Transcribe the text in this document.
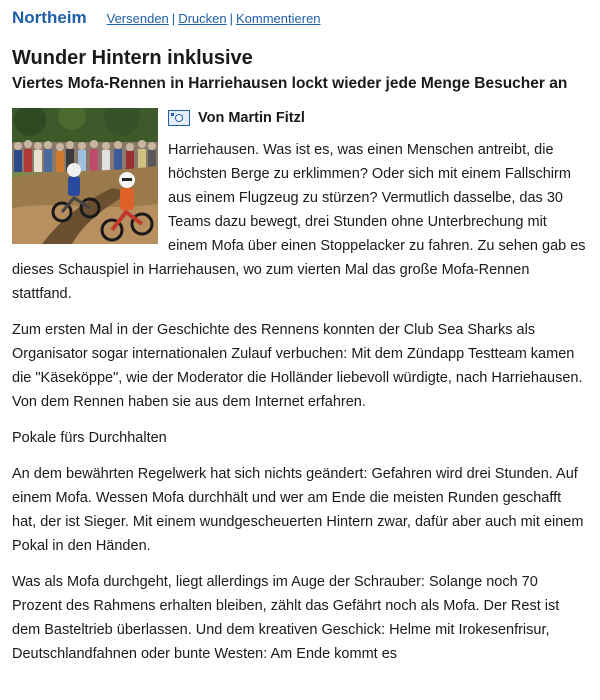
Northeim Versenden | Drucken | Kommentieren
Wunder Hintern inklusive
Viertes Mofa-Rennen in Harriehausen lockt wieder jede Menge Besucher an
Von Martin Fitzl

Harriehausen. Was ist es, was einen Menschen antreibt, die höchsten Berge zu erklimmen? Oder sich mit einem Fallschirm aus einem Flugzeug zu stürzen? Vermutlich dasselbe, das 30 Teams dazu bewegt, drei Stunden ohne Unterbrechung mit einem Mofa über einen Stoppelacker zu fahren. Zu sehen gab es dieses Schauspiel in Harriehausen, wo zum vierten Mal das große Mofa-Rennen stattfand.

Zum ersten Mal in der Geschichte des Rennens konnten der Club Sea Sharks als Organisator sogar internationalen Zulauf verbuchen: Mit dem Zündapp Testteam kamen die "Käseköppe", wie der Moderator die Holländer liebevoll würdigte, nach Harriehausen. Von dem Rennen haben sie aus dem Internet erfahren.

Pokale fürs Durchhalten

An dem bewährten Regelwerk hat sich nichts geändert: Gefahren wird drei Stunden. Auf einem Mofa. Wessen Mofa durchhält und wer am Ende die meisten Runden geschafft hat, der ist Sieger. Mit einem wundgescheuerten Hintern zwar, dafür aber auch mit einem Pokal in den Händen.

Was als Mofa durchgeht, liegt allerdings im Auge der Schrauber: Solange noch 70 Prozent des Rahmens erhalten bleiben, zählt das Gefährt noch als Mofa. Der Rest ist dem Basteltrieb überlassen. Und dem kreativen Geschick: Helme mit Irokesenfrisur, Deutschlandfahnen oder bunte Westen: Am Ende kommt es
